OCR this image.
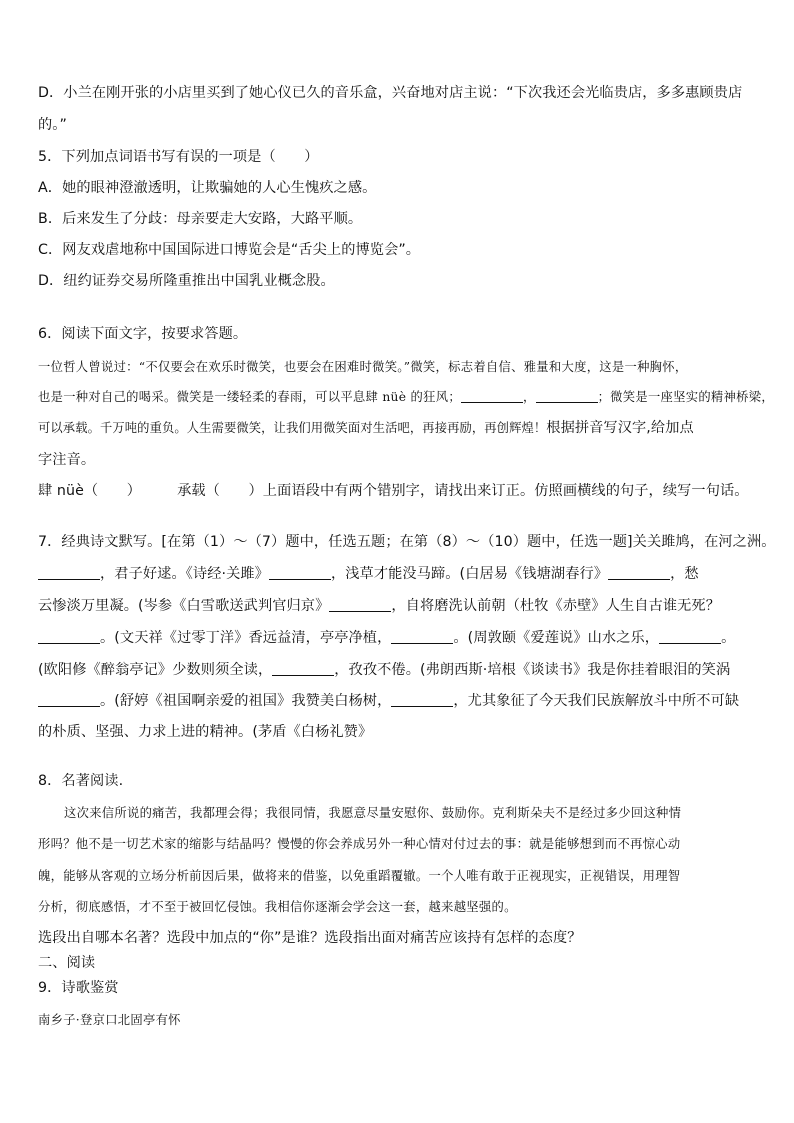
D．小兰在刚开张的小店里买到了她心仪已久的音乐盒，兴奋地对店主说：“下次我还会光临贵店，多多惠顾贵店
的。”
5．下列加点词语书写有误的一项是（　　）
A．她的眼神澄澈透明，让欺骗她的人心生愧疚之感。
B．后来发生了分歧：母亲要走大安路，大路平顺。
C．网友戏虐地称中国国际进口博览会是“舌尖上的博览会”。
D．纽约证券交易所隆重推出中国乳业概念股。
6．阅读下面文字，按要求答题。
一位哲人曾说过：“不仅要会在欢乐时微笑，也要会在困难时微笑。”微笑，标志着自信、雅量和大度，这是一种胸怀，
也是一种对自己的喝采。微笑是一缕轻柔的春雨，可以平息肆 nüè 的狂风；	，	；微笑是一座坚实的精神桥梁，
可以承载。千万吨的重负。人生需要微笑，让我们用微笑面对生活吧，再接再励，再创辉煌！根据拼音写汉字,给加点
字注音。
肆 nüè（　　）	承载（　　）上面语段中有两个错别字，请找出来订正。仿照画横线的句子，续写一句话。
7．经典诗文默写。[在第（1）～（7）题中，任选五题；在第（8）～（10）题中，任选一题]关关雎鸠，在河之洲。
，君子好逑。《诗经·关雎》	，浅草才能没马蹄。(白居易《钱塘湖春行》	，愁
云惨淡万里凝。(岑参《白雪歌送武判官归京》	，自将磨洗认前朝（杜牧《赤壁》人生自古谁无死？
。(文天祥《过零丁洋》香远益清，亭亭净植，	。(周敦颐《爱莲说》山水之乐，	。
(欧阳修《醉翁亭记》少数则须全读，	，孜孜不倦。(弗朗西斯·培根《谈读书》我是你挂着眼泪的笑涡
。(舒婷《祖国啊亲爱的祖国》我赞美白杨树，	，尤其象征了今天我们民族解放斗中所不可缺
的朴质、坚强、力求上进的精神。(茅盾《白杨礼赞》
8．名著阅读.
这次来信所说的痛苦，我都理会得；我很同情，我愿意尽量安慰你、鼓励你。克利斯朵夫不是经过多少回这种情
形吗？他不是一切艺术家的缩影与结晶吗？慢慢的你会养成另外一种心情对付过去的事：就是能够想到而不再惊心动
魄，能够从客观的立场分析前因后果，做将来的借鉴，以免重蹈覆辙。一个人唯有敢于正视现实，正视错误，用理智
分析，彻底感悟，才不至于被回忆侵蚀。我相信你逐渐会学会这一套，越来越坚强的。
选段出自哪本名著？选段中加点的“你”是谁？选段指出面对痛苦应该持有怎样的态度？
二、阅读
9．诗歌鉴赏
南乡子·登京口北固亭有怀
